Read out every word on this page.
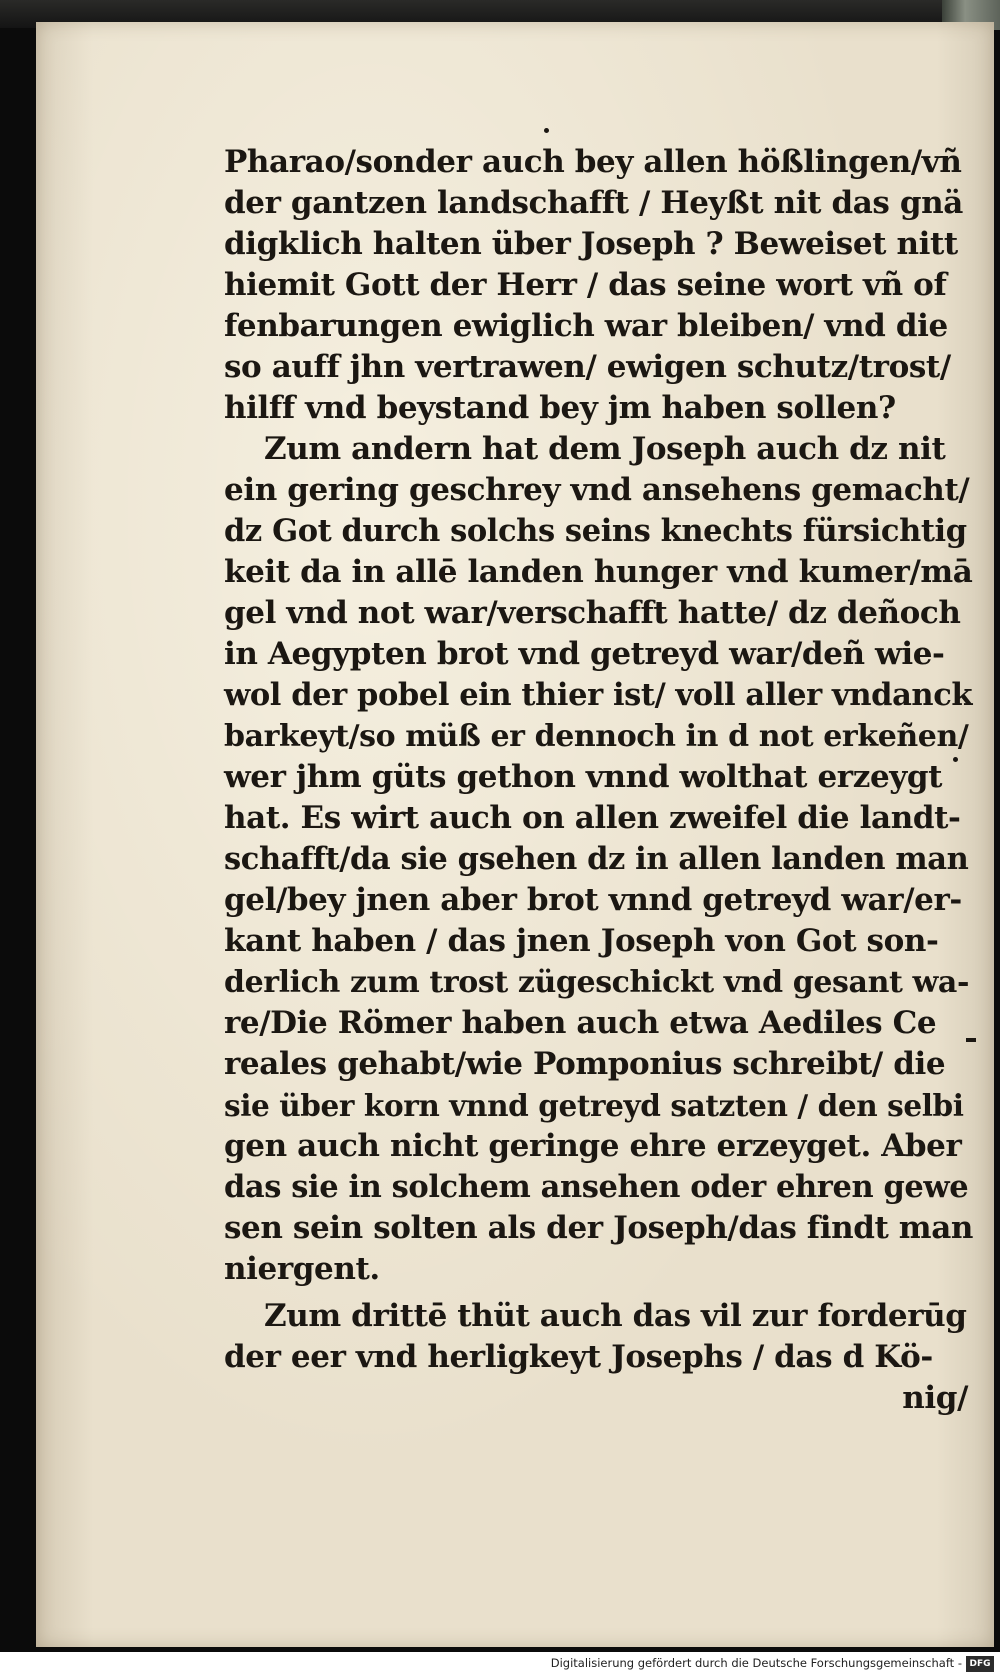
Pharao/sonder auch bey allen hößlingen/vñ
der gantzen landschafft / Heyßt nit das gnä
digklich halten über Joseph ? Beweiset nitt
hiemit Gott der Herr / das seine wort vñ of
fenbarungen ewiglich war bleiben/ vnd die
so auff jhn vertrawen/ ewigen schutz/trost/
hilff vnd beystand bey jm haben sollen?
Zum andern hat dem Joseph auch dz nit
ein gering geschrey vnd ansehens gemacht/
dz Got durch solchs seins knechts fürsichtig
keit da in allē landen hunger vnd kumer/mā
gel vnd not war/verschafft hatte/ dz deñoch
in Aegypten brot vnd getreyd war/deñ wie-
wol der pobel ein thier ist/ voll aller vndanck
barkeyt/so müß er dennoch in d not erkeñen/
wer jhm güts gethon vnnd wolthat erzeygt
hat. Es wirt auch on allen zweifel die landt-
schafft/da sie gsehen dz in allen landen man
gel/bey jnen aber brot vnnd getreyd war/er-
kant haben / das jnen Joseph von Got son-
derlich zum trost zügeschickt vnd gesant wa-
re/Die Römer haben auch etwa Aediles Ce
reales gehabt/wie Pomponius schreibt/ die
sie über korn vnnd getreyd satzten / den selbi
gen auch nicht geringe ehre erzeyget. Aber
das sie in solchem ansehen oder ehren gewe
sen sein solten als der Joseph/das findt man
niergent.
Zum drittē thüt auch das vil zur forderūg
der eer vnd herligkeyt Josephs / das d Kö-
nig/
Digitalisierung gefördert durch die Deutsche Forschungsgemeinschaft - DFG
